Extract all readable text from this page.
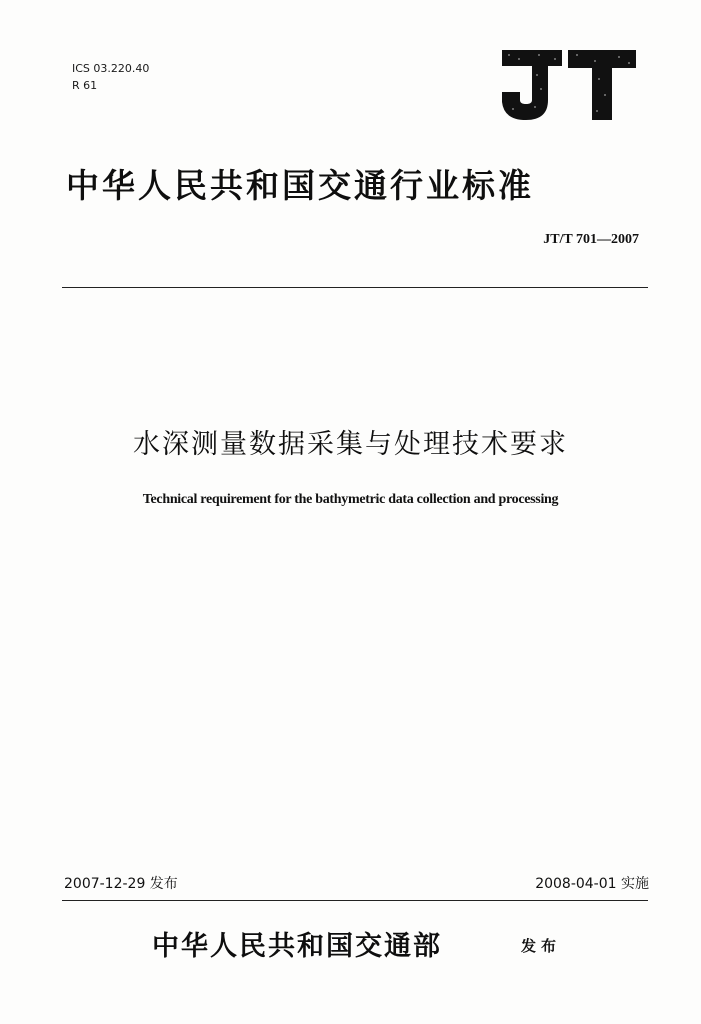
ICS 03.220.40
R 61
中华人民共和国交通行业标准
JT/T 701—2007
水深测量数据采集与处理技术要求
Technical requirement for the bathymetric data collection and processing
2007-12-29 发布	2008-04-01 实施
中华人民共和国交通部	发布
